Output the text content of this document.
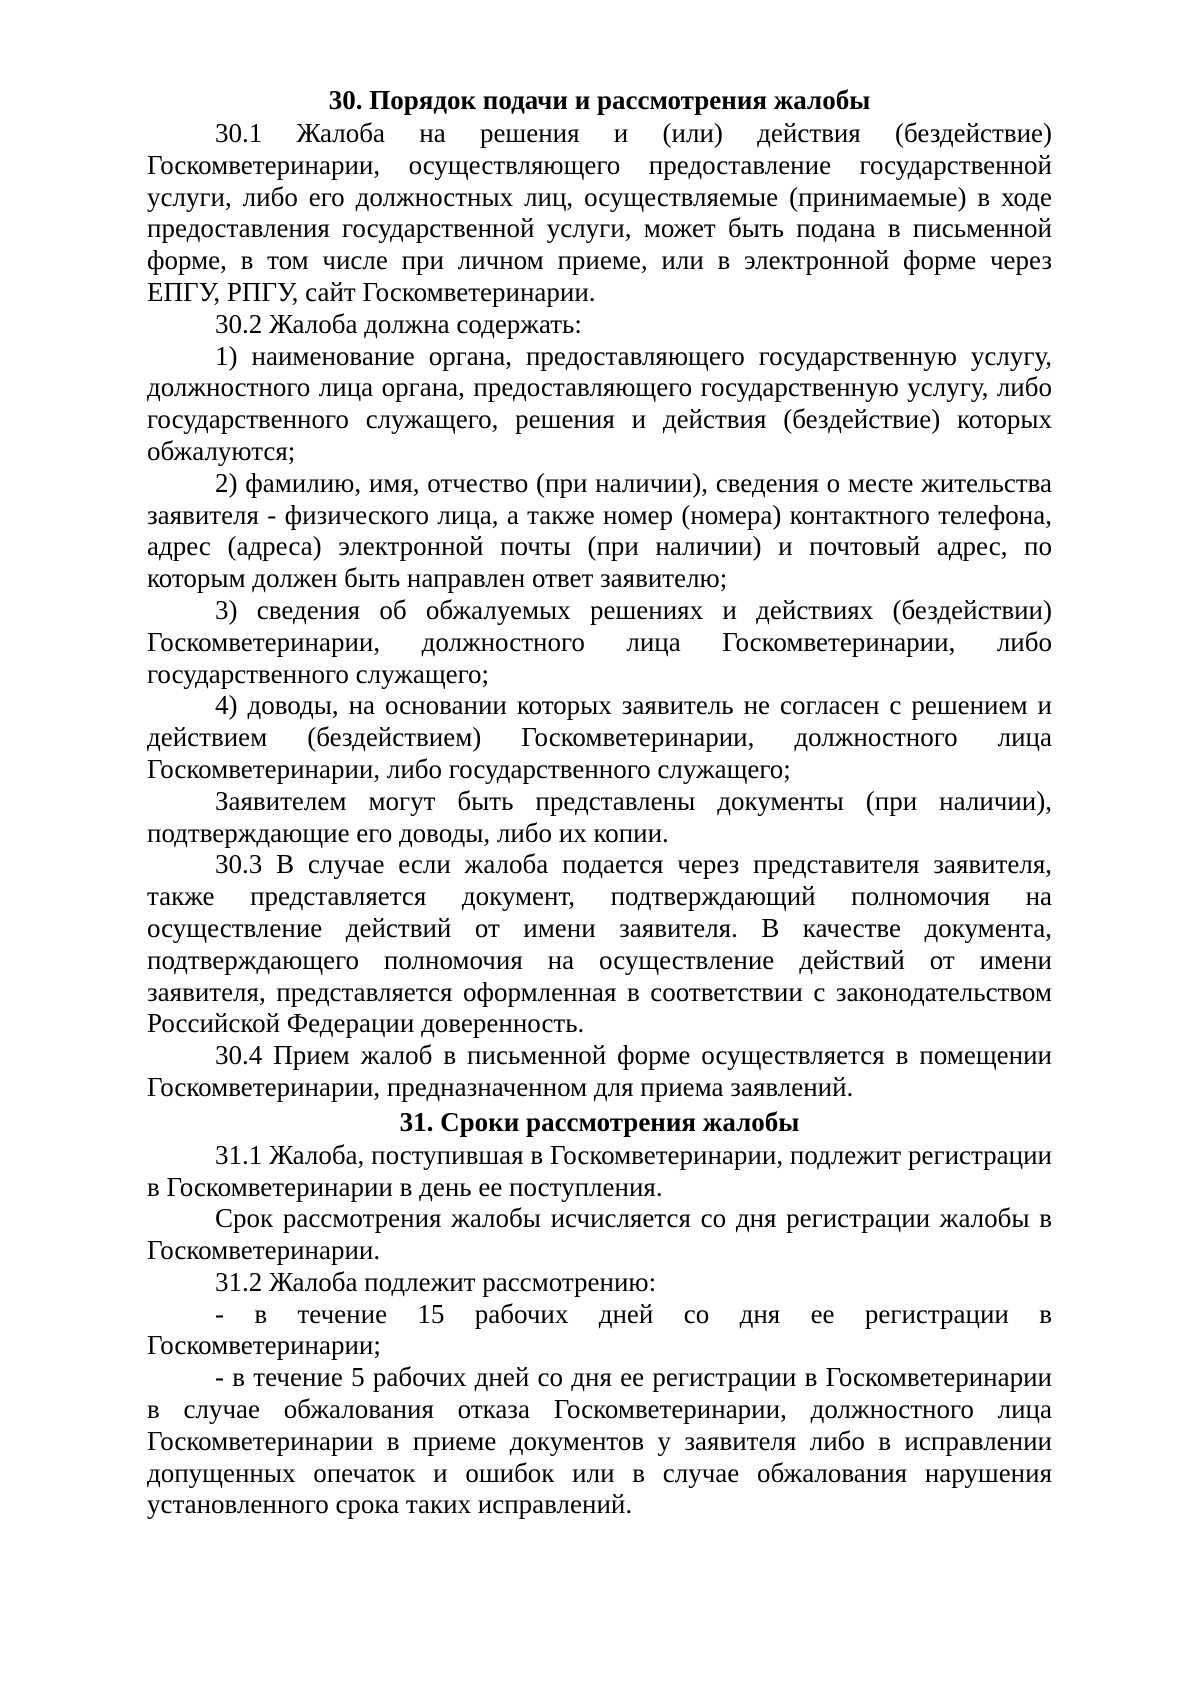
30. Порядок подачи и рассмотрения жалобы

30.1 Жалоба на решения и (или) действия (бездействие) Госкомветеринарии, осуществляющего предоставление государственной услуги, либо его должностных лиц, осуществляемые (принимаемые) в ходе предоставления государственной услуги, может быть подана в письменной форме, в том числе при личном приеме, или в электронной форме через ЕПГУ, РПГУ, сайт Госкомветеринарии.

30.2 Жалоба должна содержать:

1) наименование органа, предоставляющего государственную услугу, должностного лица органа, предоставляющего государственную услугу, либо государственного служащего, решения и действия (бездействие) которых обжалуются;

2) фамилию, имя, отчество (при наличии), сведения о месте жительства заявителя - физического лица, а также номер (номера) контактного телефона, адрес (адреса) электронной почты (при наличии) и почтовый адрес, по которым должен быть направлен ответ заявителю;

3) сведения об обжалуемых решениях и действиях (бездействии) Госкомветеринарии, должностного лица Госкомветеринарии, либо государственного служащего;

4) доводы, на основании которых заявитель не согласен с решением и действием (бездействием) Госкомветеринарии, должностного лица Госкомветеринарии, либо государственного служащего;

Заявителем могут быть представлены документы (при наличии), подтверждающие его доводы, либо их копии.

30.3 В случае если жалоба подается через представителя заявителя, также представляется документ, подтверждающий полномочия на осуществление действий от имени заявителя. В качестве документа, подтверждающего полномочия на осуществление действий от имени заявителя, представляется оформленная в соответствии с законодательством Российской Федерации доверенность.

30.4 Прием жалоб в письменной форме осуществляется в помещении Госкомветеринарии, предназначенном для приема заявлений.

31. Сроки рассмотрения жалобы

31.1 Жалоба, поступившая в Госкомветеринарии, подлежит регистрации в Госкомветеринарии в день ее поступления.

Срок рассмотрения жалобы исчисляется со дня регистрации жалобы в Госкомветеринарии.

31.2 Жалоба подлежит рассмотрению:

- в течение 15 рабочих дней со дня ее регистрации в Госкомветеринарии;

- в течение 5 рабочих дней со дня ее регистрации в Госкомветеринарии в случае обжалования отказа Госкомветеринарии, должностного лица Госкомветеринарии в приеме документов у заявителя либо в исправлении допущенных опечаток и ошибок или в случае обжалования нарушения установленного срока таких исправлений.
